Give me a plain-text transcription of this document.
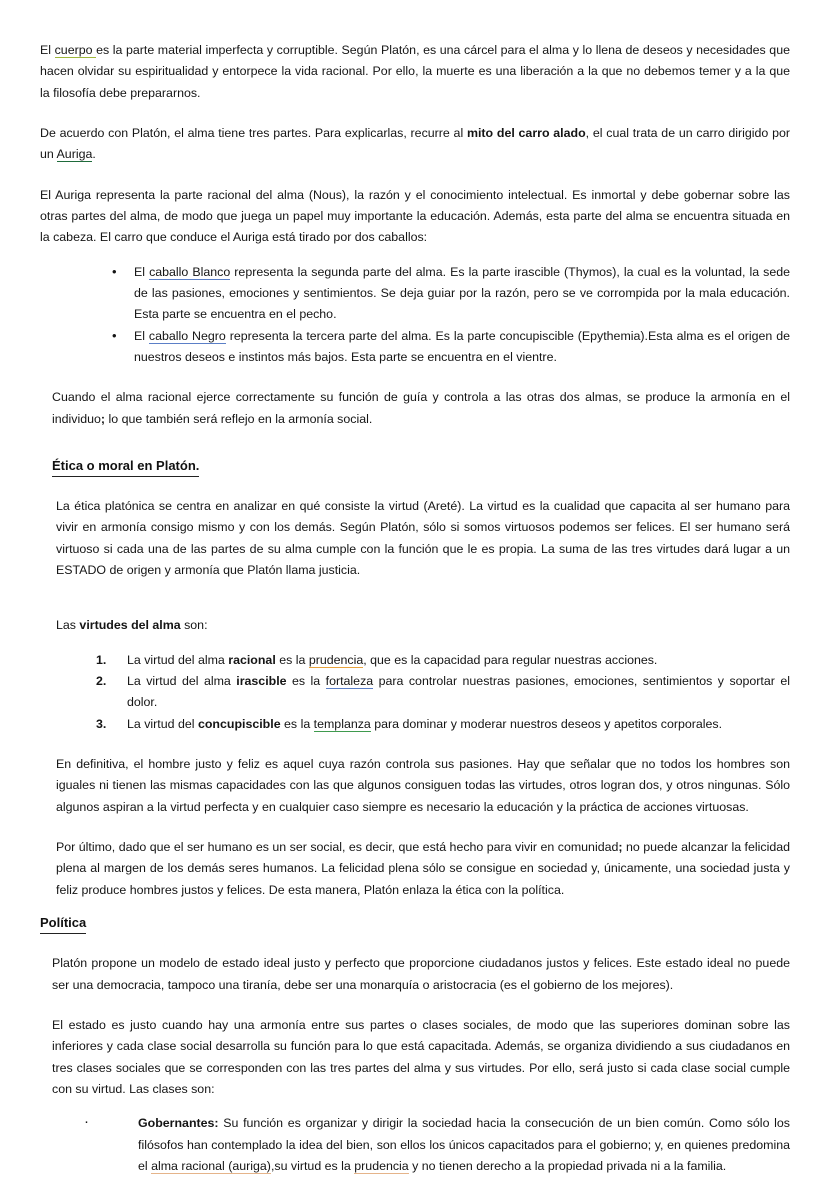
El cuerpo es la parte material imperfecta y corruptible. Según Platón, es una cárcel para el alma y lo llena de deseos y necesidades que hacen olvidar su espiritualidad y entorpece la vida racional. Por ello, la muerte es una liberación a la que no debemos temer y a la que la filosofía debe prepararnos.

De acuerdo con Platón, el alma tiene tres partes. Para explicarlas, recurre al mito del carro alado, el cual trata de un carro dirigido por un Auriga.

El Auriga representa la parte racional del alma (Nous), la razón y el conocimiento intelectual. Es inmortal y debe gobernar sobre las otras partes del alma, de modo que juega un papel muy importante la educación. Además, esta parte del alma se encuentra situada en la cabeza. El carro que conduce el Auriga está tirado por dos caballos:

• El caballo Blanco representa la segunda parte del alma. Es la parte irascible (Thymos), la cual es la voluntad, la sede de las pasiones, emociones y sentimientos. Se deja guiar por la razón, pero se ve corrompida por la mala educación. Esta parte se encuentra en el pecho.
• El caballo Negro representa la tercera parte del alma. Es la parte concupiscible (Epythemia).Esta alma es el origen de nuestros deseos e instintos más bajos. Esta parte se encuentra en el vientre.

Cuando el alma racional ejerce correctamente su función de guía y controla a las otras dos almas, se produce la armonía en el individuo; lo que también será reflejo en la armonía social.

Ética o moral en Platón.

La ética platónica se centra en analizar en qué consiste la virtud (Areté). La virtud es la cualidad que capacita al ser humano para vivir en armonía consigo mismo y con los demás. Según Platón, sólo si somos virtuosos podemos ser felices. El ser humano será virtuoso si cada una de las partes de su alma cumple con la función que le es propia. La suma de las tres virtudes dará lugar a un ESTADO de origen y armonía que Platón llama justicia.

Las virtudes del alma son:

La virtud del alma racional es la prudencia, que es la capacidad para regular nuestras acciones.
La virtud del alma irascible es la fortaleza para controlar nuestras pasiones, emociones, sentimientos y soportar el dolor.
La virtud del concupiscible es la templanza para dominar y moderar nuestros deseos y apetitos corporales.

En definitiva, el hombre justo y feliz es aquel cuya razón controla sus pasiones. Hay que señalar que no todos los hombres son iguales ni tienen las mismas capacidades con las que algunos consiguen todas las virtudes, otros logran dos, y otros ningunas. Sólo algunos aspiran a la virtud perfecta y en cualquier caso siempre es necesario la educación y la práctica de acciones virtuosas.

Por último, dado que el ser humano es un ser social, es decir, que está hecho para vivir en comunidad; no puede alcanzar la felicidad plena al margen de los demás seres humanos. La felicidad plena sólo se consigue en sociedad y, únicamente, una sociedad justa y feliz produce hombres justos y felices. De esta manera, Platón enlaza la ética con la política.

Política

Platón propone un modelo de estado ideal justo y perfecto que proporcione ciudadanos justos y felices. Este estado ideal no puede ser una democracia, tampoco una tiranía, debe ser una monarquía o aristocracia (es el gobierno de los mejores).

El estado es justo cuando hay una armonía entre sus partes o clases sociales, de modo que las superiores dominan sobre las inferiores y cada clase social desarrolla su función para lo que está capacitada. Además, se organiza dividiendo a sus ciudadanos en tres clases sociales que se corresponden con las tres partes del alma y sus virtudes. Por ello, será justo si cada clase social cumple con su virtud. Las clases son:

· Gobernantes: Su función es organizar y dirigir la sociedad hacia la consecución de un bien común. Como sólo los filósofos han contemplado la idea del bien, son ellos los únicos capacitados para el gobierno; y, en quienes predomina el alma racional (auriga),su virtud es la prudencia y no tienen derecho a la propiedad privada ni a la familia.
